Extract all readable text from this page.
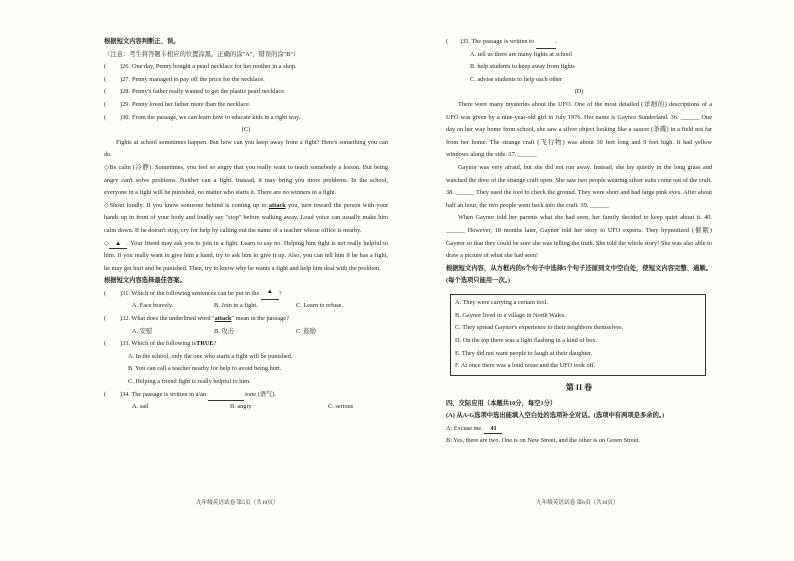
根据短文内容判断正、误。

（注意：考生将答题卡相应的位置涂黑。正确的涂"A"，错误的涂"B"）

(	)26. One day, Penny bought a pearl necklace for her mother in a shop.
(	)27. Penny managed to pay off the price for the necklace.
(	)28. Penny's father really wanted to get the plastic pearl necklace.
(	)29. Penny loved her father more than the necklace.
(	)30. From the passage, we can learn how to educate kids in a right way.

(C)

Fights at school sometimes happen. But how can you keep away from a fight? Here's something you can do.

◇Be calm (冷静). Sometimes, you feel so angry that you really want to teach somebody a lesson. But being angry can't solve problems. Neither can a fight. Instead, it may bring you more problems. In the school, everyone in a fight will be punished, no matter who starts it. There are no winners in a fight.

◇Shout loudly. If you know someone behind is coming up to attack you, turn toward the person with your hands up in front of your body and loudly say "stop" before walking away. Loud voice can usually make him calm down. If he doesn't stop, cry for help by calling out the name of a teacher whose office is nearby.

◇ ▲ . Your friend may ask you to join in a fight. Learn to say no. Helping him fight is not really helpful to him. If you really want to give him a hand, try to ask him to give it up. Also, you can tell him if he has a fight, he may get hurt and be punished. Then, try to know why he wants a fight and help him deal with the problem.

根据短文内容选择最佳答案。

(	)31. Which of the following sentences can be put in the
	▲ ?
A. Face bravely.	B. Join in a fight.	C. Learn to refuse.
(	)32. What does the underlined word " attack " mean in the passage?
A. 安慰	B. 攻击	C. 鼓励
(	)33. Which of the following is TRUE ?

A. In the school, only the one who starts a fight will be punished.

B. You can call a teacher nearby for help to avoid being hurt.

C. Helping a friend fight is really helpful to him.

(	)34. The passage is written in a/an

	tone (语气).
A. sad	B. angry	C. serious
九年级英语试卷 第5页（共10页）
(	)35. The passage is written to
	.

A. tell us there are many fights at school

B. help students to keep away from fights

C. advise students to help each other

(D)

There were many mysteries about the UFO. One of the most detailed (详细的) descriptions of a UFO was given by a nine-year-old girl in July 1976. Her name is Gaynor Sunderland. 36. ______ One day on her way home from school, she saw a silver object looking like a saucer (茶碟) in a field not far from her home. The strange craft (飞行物) was about 30 feet long and 9 feet high. It had yellow windows along the side. 37. ______

Gaynor was very afraid, but she did not run away. Instead, she lay quietly in the long grass and watched the door of the strange craft open. She saw two people wearing silver suits come out of the craft. 38. ______ They used the tool to check the ground. They were short and had large pink eyes. After about half an hour, the two people went back into the craft. 39. ______

When Gaynor told her parents what she had seen, her family decided to keep quiet about it. 40. ______ However, 18 months later, Gaynor told her story to UFO experts. They hypnotized (催眠) Gaynor so that they could be sure she was telling the truth. She told the whole story! She was also able to draw a picture of what she had seen!

根据短文内容，从方框内的6个句子中选择5个句子还原到文中空白处，使短文内容完整、通顺。(每个选项只能用一次。)

A. They were carrying a certain tool.

B. Gaynor lived in a village in North Wales.

C. They spread Gaynor's experience to their neighbors themselves.

D. On the top there was a light flashing in a kind of box.

E. They did not want people to laugh at their daughter.

F. At once there was a loud noise and the UFO took off.

第 II 卷

四、交际应用（本题共10分，每空1分）

(A) 从A-G选项中选出能填入空白处的选项补全对话。(选项中有两项是多余的。)

A: Excuse me. 41

B: Yes, there are two. One is on New Street, and the other is on Green Street.

九年级英语试卷 第6页（共10页）
